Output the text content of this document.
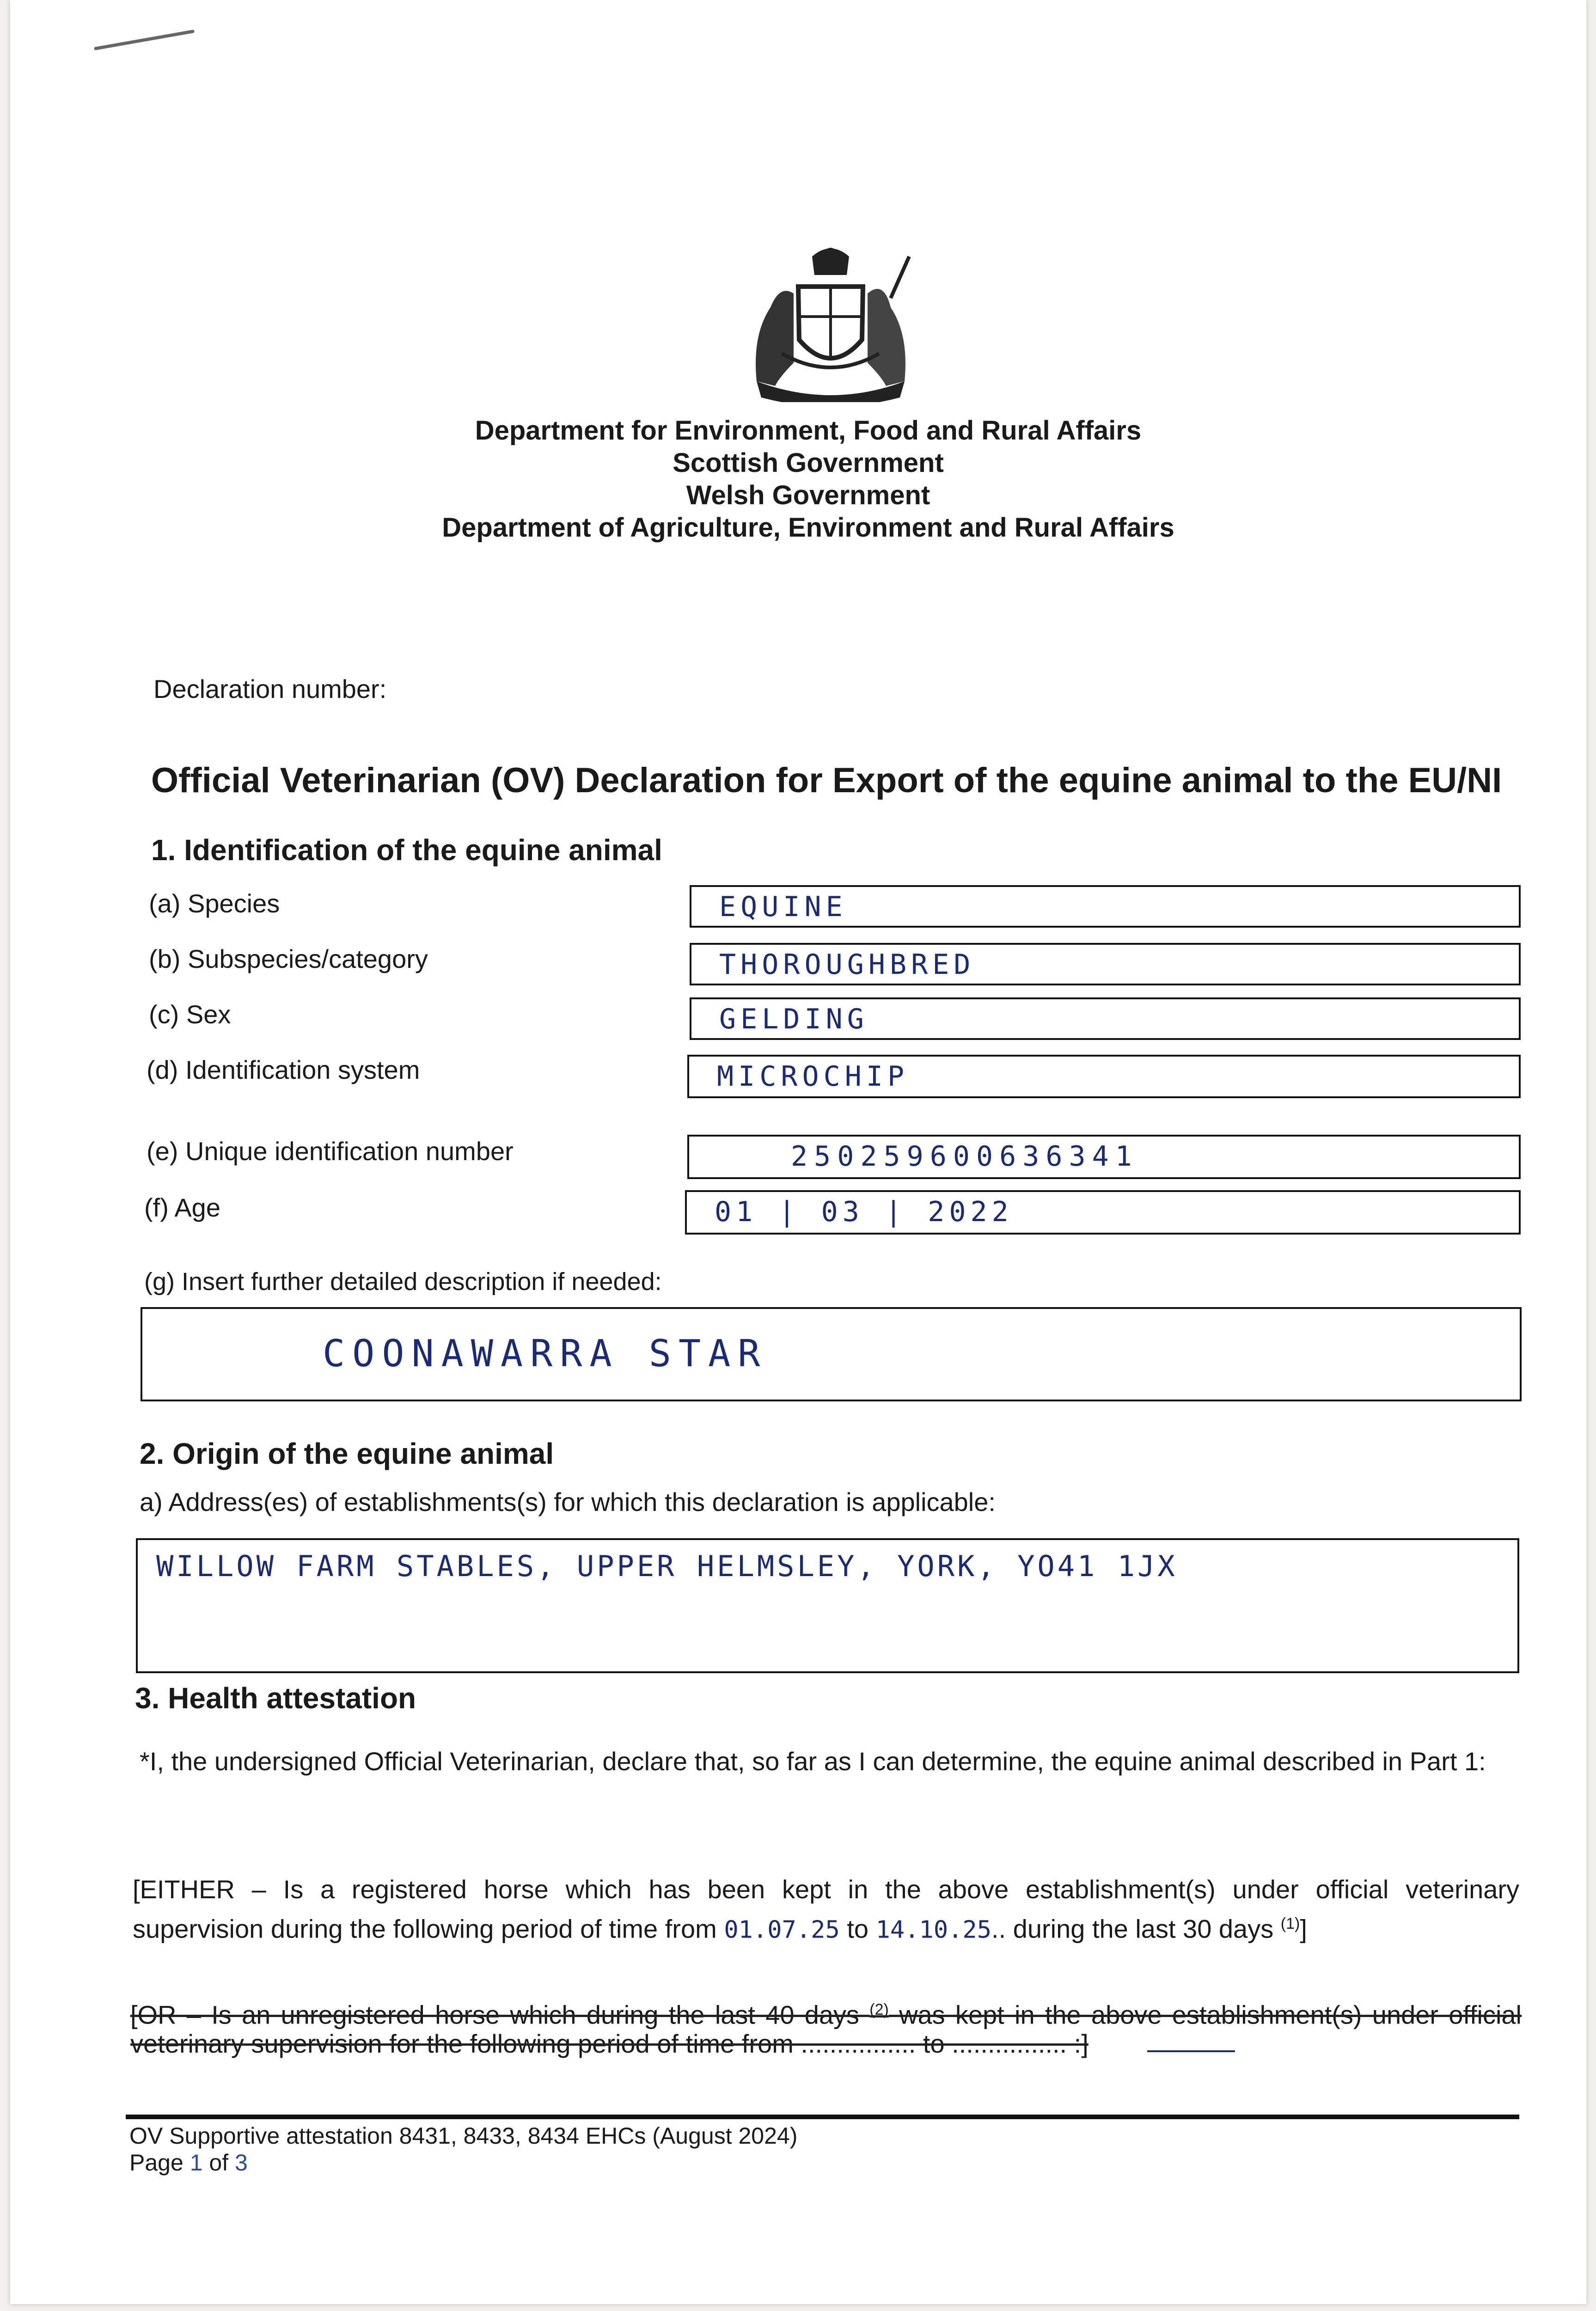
Department for Environment, Food and Rural Affairs
Scottish Government
Welsh Government
Department of Agriculture, Environment and Rural Affairs
Declaration number:
Official Veterinarian (OV) Declaration for Export of the equine animal to the EU/NI
1. Identification of the equine animal
(a) Species	EQUINE
(b) Subspecies/category	THOROUGHBRED
(c) Sex	GELDING
(d) Identification system	MICROCHIP
(e) Unique identification number	250259600636341
(f) Age	01 | 03 | 2022
(g) Insert further detailed description if needed:
COONAWARRA STAR
2. Origin of the equine animal
a) Address(es) of establishments(s) for which this declaration is applicable:
WILLOW FARM STABLES, UPPER HELMSLEY, YORK, YO41 1JX
3. Health attestation
*I, the undersigned Official Veterinarian, declare that, so far as I can determine, the equine animal described in Part 1:
[EITHER – Is a registered horse which has been kept in the above establishment(s) under official veterinary
supervision during the following period of time from 01.07.25 to 14.10.25.. during the last 30 days $^{(1)}$]
[OR – Is an unregistered horse which during the last 40 days $^{(2)}$ was kept in the above establishment(s) under official
veterinary supervision for the following period of time from ................ to ................ :]
OV Supportive attestation 8431, 8433, 8434 EHCs (August 2024)
Page 1 of 3
